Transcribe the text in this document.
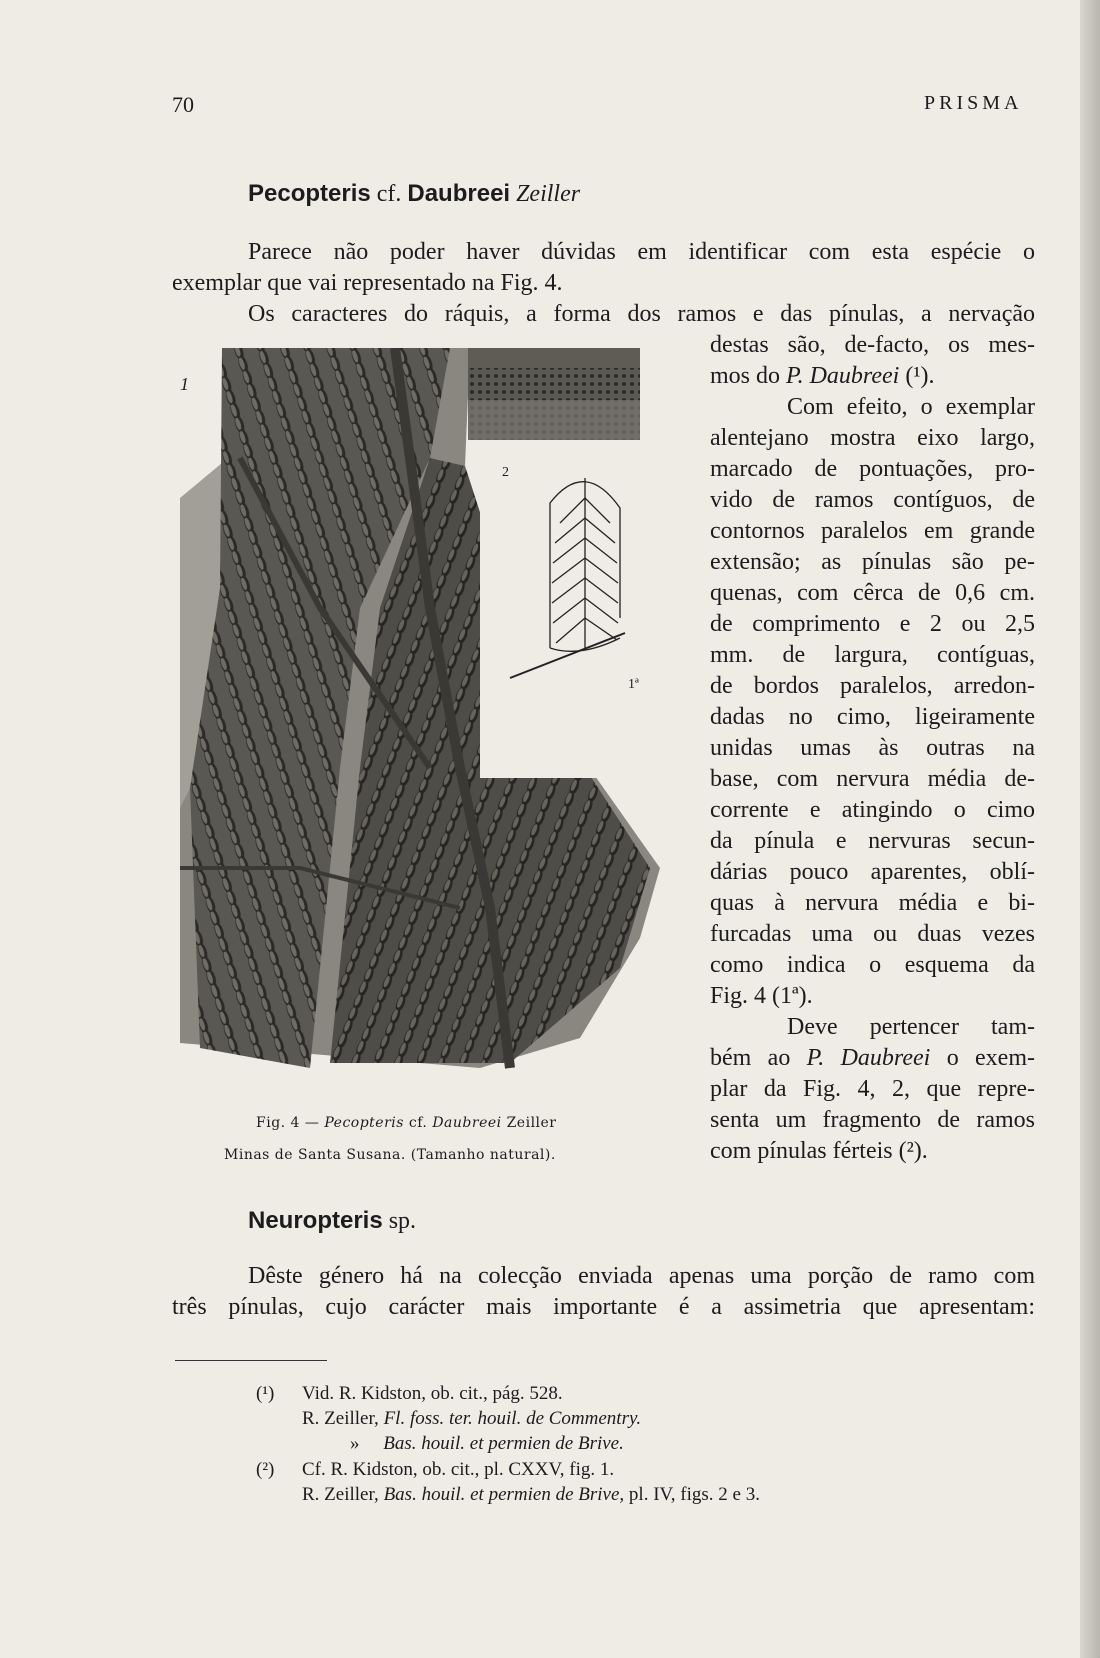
70	PRISMA
Pecopteris cf. Daubreei Zeiller

Parece não poder haver dúvidas em identificar com esta espécie o

exemplar que vai representado na Fig. 4.

Os caracteres do ráquis, a forma dos ramos e das pínulas, a nervação

destas são, de-facto, os mes-
mos do P. Daubreei (¹).
Com efeito, o exemplar
alentejano mostra eixo largo,
marcado de pontuações, pro-
vido de ramos contíguos, de
contornos paralelos em grande
extensão; as pínulas são pe-
quenas, com cêrca de 0,6 cm.
de comprimento e 2 ou 2,5
mm. de largura, contíguas,
de bordos paralelos, arredon-
dadas no cimo, ligeiramente
unidas umas às outras na
base, com nervura média de-
corrente e atingindo o cimo
da pínula e nervuras secun-
dárias pouco aparentes, oblí-
quas à nervura média e bi-
furcadas uma ou duas vezes
como indica o esquema da
Fig. 4 (1ª).
Deve pertencer tam-
bém ao P. Daubreei o exem-
plar da Fig. 4, 2, que repre-
senta um fragmento de ramos
com pínulas férteis (²).
1
2
1ª
Fig. 4 — Pecopteris cf. Daubreei Zeiller
Minas de Santa Susana. (Tamanho natural).
Neuropteris sp.

Dêste género há na colecção enviada apenas uma porção de ramo com

três pínulas, cujo carácter mais importante é a assimetria que apresentam:

(¹) Vid. R. Kidston, ob. cit., pág. 528.
R. Zeiller, Fl. foss. ter. houil. de Commentry.
» Bas. houil. et permien de Brive.
(²) Cf. R. Kidston, ob. cit., pl. CXXV, fig. 1.
R. Zeiller, Bas. houil. et permien de Brive, pl. IV, figs. 2 e 3.
